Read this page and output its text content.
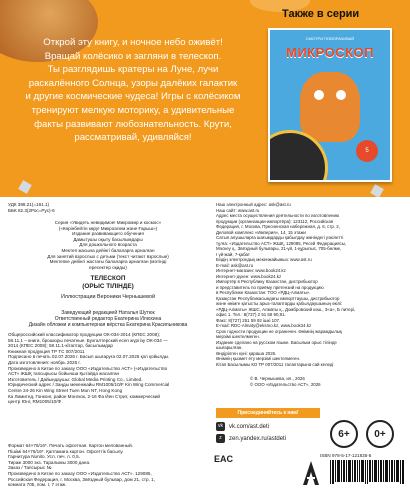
Открой эту книгу, и ночное небо оживёт!

Вращай колёсико и загляни в телескоп.

Ты разглядишь кратеры на Луне, лучи

раскалённого Солнца, узоры далёких галактик

и другие космические чудеса! Игры с колёсиком

тренируют мелкую моторику, а удивительные

факты развивают любознательность. Крути,

рассматривай, удивляйся!

Также в серии
СМОТРИ ПОВОРАЧИВАЙ
МИКРОСКОП
5

УДК 398.21(=161.1)

ББК 82.3(2Рос=Рус)-6

Серия «Увидеть невидимое! Микромир и космос»

(«Көрінбейтін көру! Микроәлем және Ғарыш»)

Издание развивающего обучения

Дамытушы оқыту басылымдары

Для дошкольного возраста

Мектеп жасына дейінгі балаларға арналған

Для занятий взрослых с детьми (текст читают взрослые)

Мектепке дейінгі жастағы балаларға арналған (мәтінді

ересектер оқиды)

ТЕЛЕСКОП

(ОРЫС ТІЛІНДЕ)

Иллюстрации Вероники Чернышевой

Заведующий редакцией Наталья Шутюк

Ответственный редактор Екатерина Илюхина

Дизайн обложки и компьютерная вёрстка Екатерина Красильникова

Общероссийский классификатор продукции ОК-034-2014 (КПЕС 2008);

58.11.1 – книги, брошюры печатные. Бухгалтерский есеп жүргізу ОК-034 —

2014 (КПЕС 2008); 58.11.1-кітаптар, басылымдар

Книжная продукция ТР ТС 007/2011

Подписано в печать 02.07.2026 г. Басып шығаруға 02.07.2026 қол қойылды.

Дата изготовления: ноябрь 2026 г.

Произведено в Китае по заказу ООО «Издательство АСТ» («Издательство

АСТ» ЖШҚ тапсырысы бойынша Қытайда жасалған

Изготовитель / Дайындаушы: Global Media Printing Co., Limited.

Юридический адрес / Заңды мекенжайы RM1005/10/F Kin Wing Commercial

Centre 24-26 Kin Wing Street Tuen Mun NT, Hong Kong

Ка Лимитед, Гонконг, район Монгкок, 2-16 Фа Йен Стрит, коммерческий

центр Юнг, RM1005/10/Ф

Формат 64×76/16*. Печать офсетная. Картон мелованный.

Пішімі 64×76/16*. Қаптамаға картон. Офсеттік басылу.

Гарнитура Nunito. Усл. печ. л. 0,5.

Тираж 3000 экз. Таралымы 3000 дана.

Заказ / Тапсырыс №

Произведено в Китае по заказу ООО «Издательство АСТ». 129085,

Российская Федерация, г. Москва, Звёздный бульвар, дом 21, стр. 1,

комната 705, пом. I, 7 этаж.

Наш электронный адрес: ask@ast.ru

Наш сайт: www.ast.ru

Адрес места осуществления деятельности по изготовлению

продукции (организации-импортёра): 123112, Российская

Федерация, г. Москва, Пресненская набережная, д. 6, стр. 2,

Деловой комплекс «Империя», 14, 15 этажи

Сатып алушыларға шағымдарды қабылдау жөніндегі уәкілетті

тұлға: «Издательство АСТ» ЖШҚ, 129085, Ресей Федерациясы,

Мәскеу қ., Звёздный бульвары, 21-үй, 1-құрылыс, 705-бөлме,

I үй-жай, 7-қабат

Біздің электрондық мекенжайымыз: www.ast.ru

E-mail: ask@ast.ru

Интернет-магазин: www.book24.kz

Интернет-дүкен: www.book24.kz

Импортёр в Республику Казахстан, дистрибьютор

и представитель по приёму претензий на продукцию

в Республике Казахстан: ТОО «РДЦ-Алматы».

Қазақстан Республикасындағы импорттаушы, дистрибьютор

және өнімге қатысты арыз-талаптарды қабылдаушының өкілі:

«РДЦ-Алматы» ЖШС, Алматы қ., Домбровский көш., 3«а», Б литері,

офис 1. Тел.: 8(727) 2 51 59 90,91.

Факс: 8(727) 251 59 92 ішкі 107.

E-mail: RDC-Almaty@eksmo.kz, www.book24.kz

Срок годности продукции не ограничен. Өнімнің жарамдылық

мерзімі шектелмеген.

Издание сделано на русском языке. Басылым орыс тілінде

шығарылған.

Өндірілген күні: қараша 2026.

Өнімнің қызмет ету мерзімі шектелмеген.

Кітап Басылымы КО ТР 007/2011 талаптарына сай келеді

© В. Чернышева, ил., 2026

© ООО «Издательство АСТ», 2026

Присоединяйтесь к нам!
vk	vk.com/ast.deti
z	zen.yandex.ru/astdeti	6+	0+
EAC	ISBN 978-5-17-121835-5
